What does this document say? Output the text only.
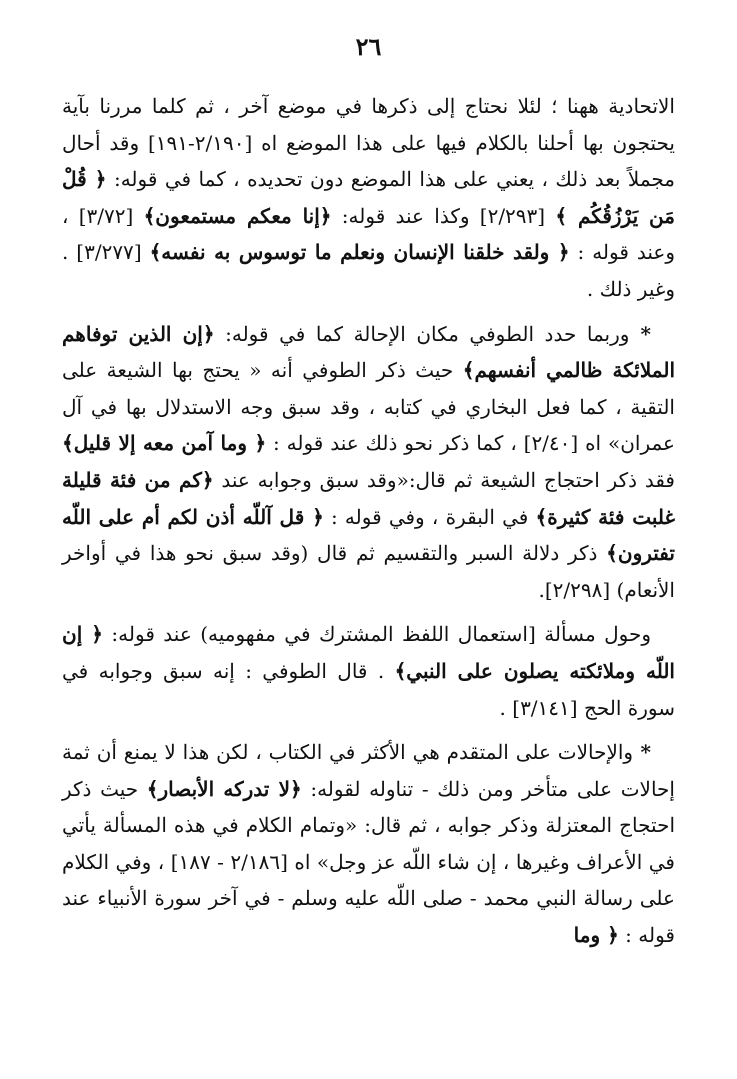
٢٦

الاتحادية ههنا ؛ لئلا نحتاج إلى ذكرها في موضع آخر ، ثم كلما مررنا بآية يحتجون بها أحلنا بالكلام فيها على هذا الموضع اه [٢/١٩٠-١٩١] وقد أحال مجملاً بعد ذلك ، يعني على هذا الموضع دون تحديده ، كما في قوله: ﴿ قُلْ مَن يَرْزُقُكُم ﴾ [٢/٢٩٣] وكذا عند قوله: ﴿إنا معكم مستمعون﴾ [٣/٧٢] ، وعند قوله : ﴿ ولقد خلقنا الإنسان ونعلم ما توسوس به نفسه﴾ [٣/٢٧٧] . وغير ذلك .

* وربما حدد الطوفي مكان الإحالة كما في قوله: ﴿إن الذين توفاهم الملائكة ظالمي أنفسهم﴾ حيث ذكر الطوفي أنه « يحتج بها الشيعة على التقية ، كما فعل البخاري في كتابه ، وقد سبق وجه الاستدلال بها في آل عمران» اه [٢/٤٠] ، كما ذكر نحو ذلك عند قوله : ﴿ وما آمن معه إلا قليل﴾ فقد ذكر احتجاج الشيعة ثم قال:«وقد سبق وجوابه عند ﴿كم من فئة قليلة غلبت فئة كثيرة﴾ في البقرة ، وفي قوله : ﴿ قل آللّه أذن لكم أم على اللّه تفترون﴾ ذكر دلالة السبر والتقسيم ثم قال (وقد سبق نحو هذا في أواخر الأنعام) [٢/٢٩٨].

وحول مسألة [استعمال اللفظ المشترك في مفهوميه) عند قوله: ﴿ إن اللّه وملائكته يصلون على النبي﴾ . قال الطوفي : إنه سبق وجوابه في سورة الحج [٣/١٤١] .

* والإحالات على المتقدم هي الأكثر في الكتاب ، لكن هذا لا يمنع أن ثمة إحالات على متأخر ومن ذلك - تناوله لقوله: ﴿لا تدركه الأبصار﴾ حيث ذكر احتجاج المعتزلة وذكر جوابه ، ثم قال: «وتمام الكلام في هذه المسألة يأتي في الأعراف وغيرها ، إن شاء اللّه عز وجل» اه [٢/١٨٦ - ١٨٧] ، وفي الكلام على رسالة النبي محمد - صلى اللّه عليه وسلم - في آخر سورة الأنبياء عند قوله : ﴿ وما
